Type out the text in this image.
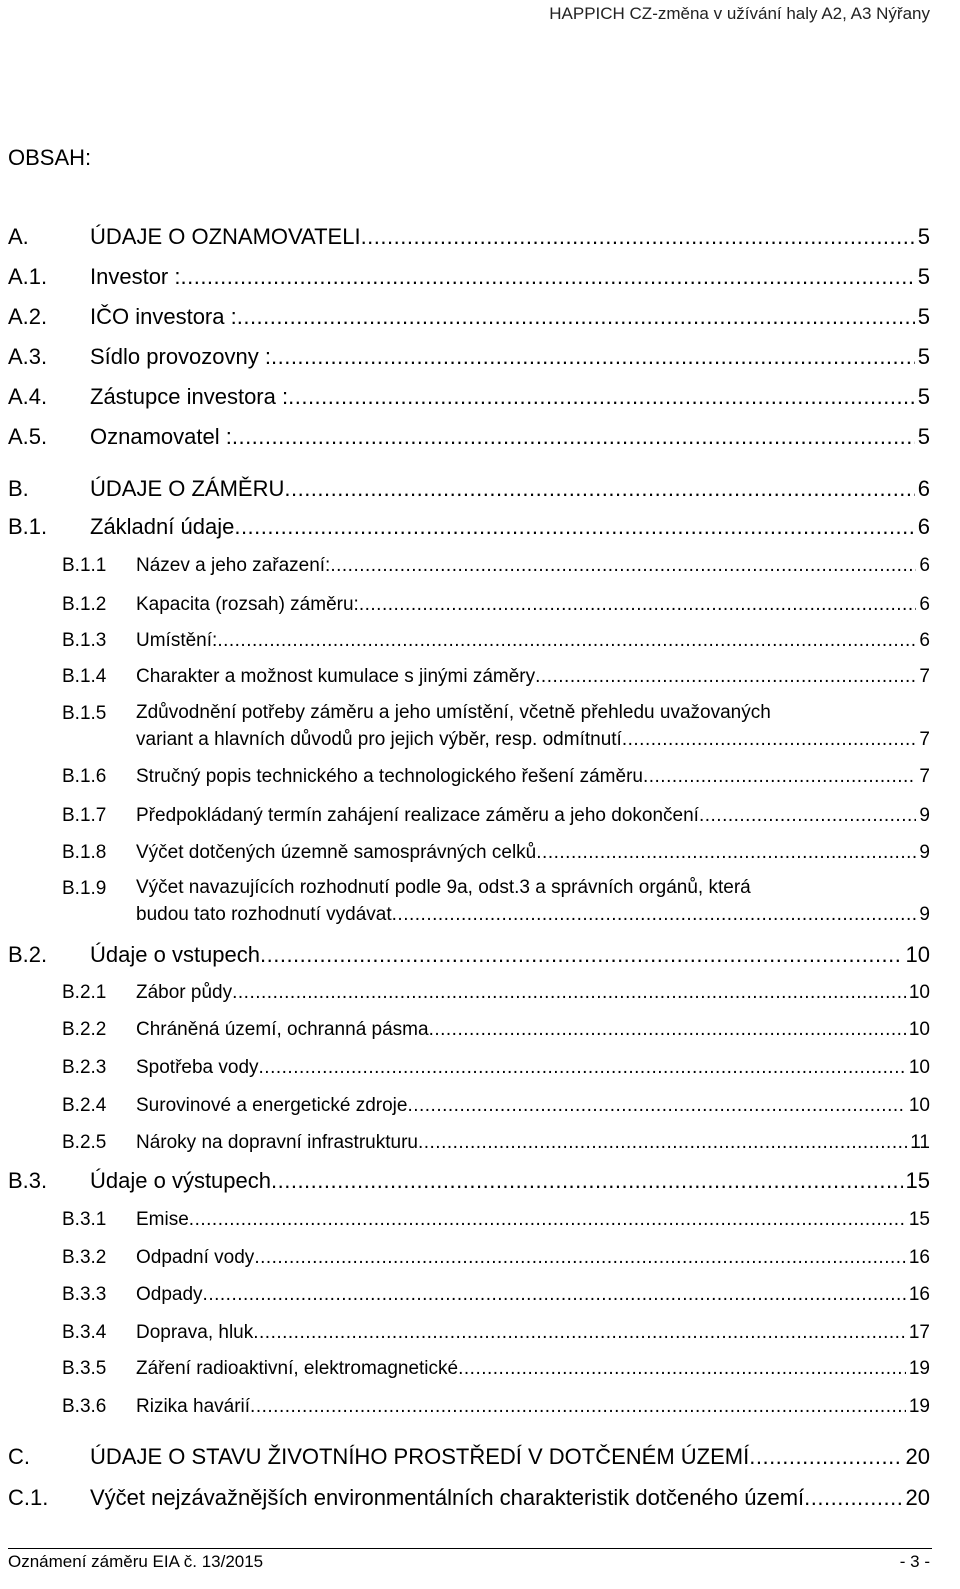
HAPPICH CZ-změna v užívání haly A2, A3 Nýřany
OBSAH:
A.	ÚDAJE O OZNAMOVATELI .....	5
A.1.	Investor : .....	5
A.2.	IČO investora : .....	5
A.3.	Sídlo provozovny : .....	5
A.4.	Zástupce investora : .....	5
A.5.	Oznamovatel : .....	5
B.	ÚDAJE O ZÁMĚRU .....	6
B.1.	Základní údaje .....	6
B.1.1	Název a jeho zařazení: .....	6
B.1.2	Kapacita (rozsah) záměru: .....	6
B.1.3	Umístění: .....	6
B.1.4	Charakter a možnost kumulace s jinými záměry .....	7
Zdůvodnění potřeby záměru a jeho umístění, včetně přehledu uvažovaných
B.1.5
variant a hlavních důvodů pro jejich výběr, resp. odmítnutí .....	7
B.1.6	Stručný popis technického a technologického řešení záměru .....	7
B.1.7	Předpokládaný termín zahájení realizace záměru a jeho dokončení .....	9
B.1.8	Výčet dotčených územně samosprávných celků .....	9
Výčet navazujících rozhodnutí podle 9a, odst.3 a správních orgánů, která
B.1.9
budou tato rozhodnutí vydávat .....	9
B.2.	Údaje o vstupech .....	10
B.2.1	Zábor půdy .....	10
B.2.2	Chráněná území, ochranná pásma .....	10
B.2.3	Spotřeba vody .....	10
B.2.4	Surovinové a energetické zdroje .....	10
B.2.5	Nároky na dopravní infrastrukturu .....	11
B.3.	Údaje o výstupech .....	15
B.3.1	Emise .....	15
B.3.2	Odpadní vody .....	16
B.3.3	Odpady .....	16
B.3.4	Doprava, hluk .....	17
B.3.5	Záření radioaktivní, elektromagnetické .....	19
B.3.6	Rizika havárií .....	19
C.	ÚDAJE O STAVU ŽIVOTNÍHO PROSTŘEDÍ V DOTČENÉM ÚZEMÍ .....	20
C.1.	Výčet nejzávažnějších environmentálních charakteristik dotčeného území .....	20
Oznámení záměru EIA č. 13/2015	- 3 -
